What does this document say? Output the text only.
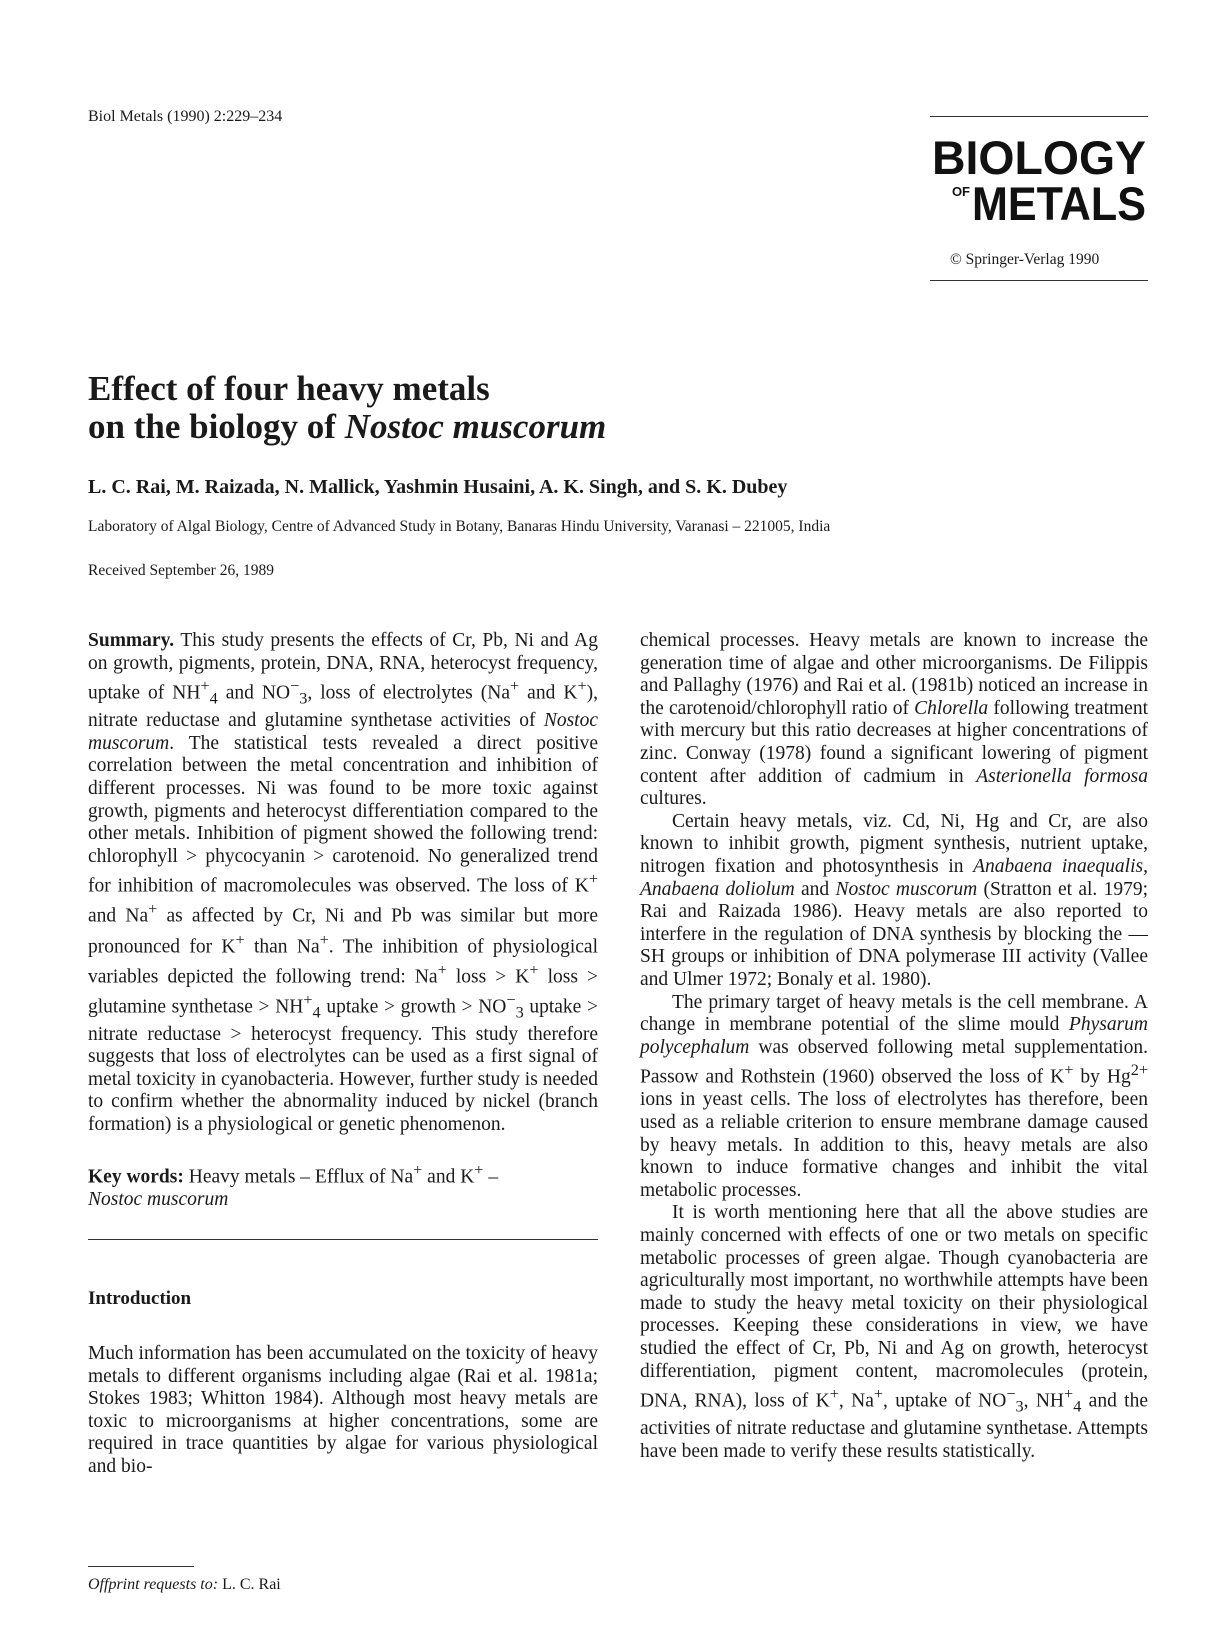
Biol Metals (1990) 2:229–234
BIOLOGY
OF METALS
© Springer-Verlag 1990
Effect of four heavy metals
on the biology of Nostoc muscorum
L. C. Rai, M. Raizada, N. Mallick, Yashmin Husaini, A. K. Singh, and S. K. Dubey
Laboratory of Algal Biology, Centre of Advanced Study in Botany, Banaras Hindu University, Varanasi – 221005, India
Received September 26, 1989

Summary. This study presents the effects of Cr, Pb, Ni and Ag on growth, pigments, protein, DNA, RNA, heterocyst frequency, uptake of $NH^+_4$ and $NO^-_3$, loss of electrolytes (Na+ and K+), nitrate reductase and glutamine synthetase activities of Nostoc muscorum. The statistical tests revealed a direct positive correlation between the metal concentration and inhibition of different processes. Ni was found to be more toxic against growth, pigments and heterocyst differentiation compared to the other metals. Inhibition of pigment showed the following trend: chlorophyll > phycocyanin > carotenoid. No generalized trend for inhibition of macromolecules was observed. The loss of K+ and Na+ as affected by Cr, Ni and Pb was similar but more pronounced for K+ than Na+. The inhibition of physiological variables depicted the following trend: Na+ loss > K+ loss > glutamine synthetase > $NH^+_4$ uptake > growth > $NO^-_3$ uptake > nitrate reductase > heterocyst frequency. This study therefore suggests that loss of electrolytes can be used as a first signal of metal toxicity in cyanobacteria. However, further study is needed to confirm whether the abnormality induced by nickel (branch formation) is a physiological or genetic phenomenon.

Key words: Heavy metals – Efflux of Na+ and K+ –
Nostoc muscorum

Introduction

Much information has been accumulated on the toxicity of heavy metals to different organisms including algae (Rai et al. 1981a; Stokes 1983; Whitton 1984). Although most heavy metals are toxic to microorganisms at higher concentrations, some are required in trace quantities by algae for various physiological and bio-

chemical processes. Heavy metals are known to increase the generation time of algae and other microorganisms. De Filippis and Pallaghy (1976) and Rai et al. (1981b) noticed an increase in the carotenoid/chlorophyll ratio of Chlorella following treatment with mercury but this ratio decreases at higher concentrations of zinc. Conway (1978) found a significant lowering of pigment content after addition of cadmium in Asterionella formosa cultures.

Certain heavy metals, viz. Cd, Ni, Hg and Cr, are also known to inhibit growth, pigment synthesis, nutrient uptake, nitrogen fixation and photosynthesis in Anabaena inaequalis, Anabaena doliolum and Nostoc muscorum (Stratton et al. 1979; Rai and Raizada 1986). Heavy metals are also reported to interfere in the regulation of DNA synthesis by blocking the —SH groups or inhibition of DNA polymerase III activity (Vallee and Ulmer 1972; Bonaly et al. 1980).

The primary target of heavy metals is the cell membrane. A change in membrane potential of the slime mould Physarum polycephalum was observed following metal supplementation. Passow and Rothstein (1960) observed the loss of K+ by $Hg^{2+}$ ions in yeast cells. The loss of electrolytes has therefore, been used as a reliable criterion to ensure membrane damage caused by heavy metals. In addition to this, heavy metals are also known to induce formative changes and inhibit the vital metabolic processes.

It is worth mentioning here that all the above studies are mainly concerned with effects of one or two metals on specific metabolic processes of green algae. Though cyanobacteria are agriculturally most important, no worthwhile attempts have been made to study the heavy metal toxicity on their physiological processes. Keeping these considerations in view, we have studied the effect of Cr, Pb, Ni and Ag on growth, heterocyst differentiation, pigment content, macromolecules (protein, DNA, RNA), loss of K+, Na+, uptake of $NO^-_3$, $NH^+_4$ and the activities of nitrate reductase and glutamine synthetase. Attempts have been made to verify these results statistically.

Offprint requests to: L. C. Rai
